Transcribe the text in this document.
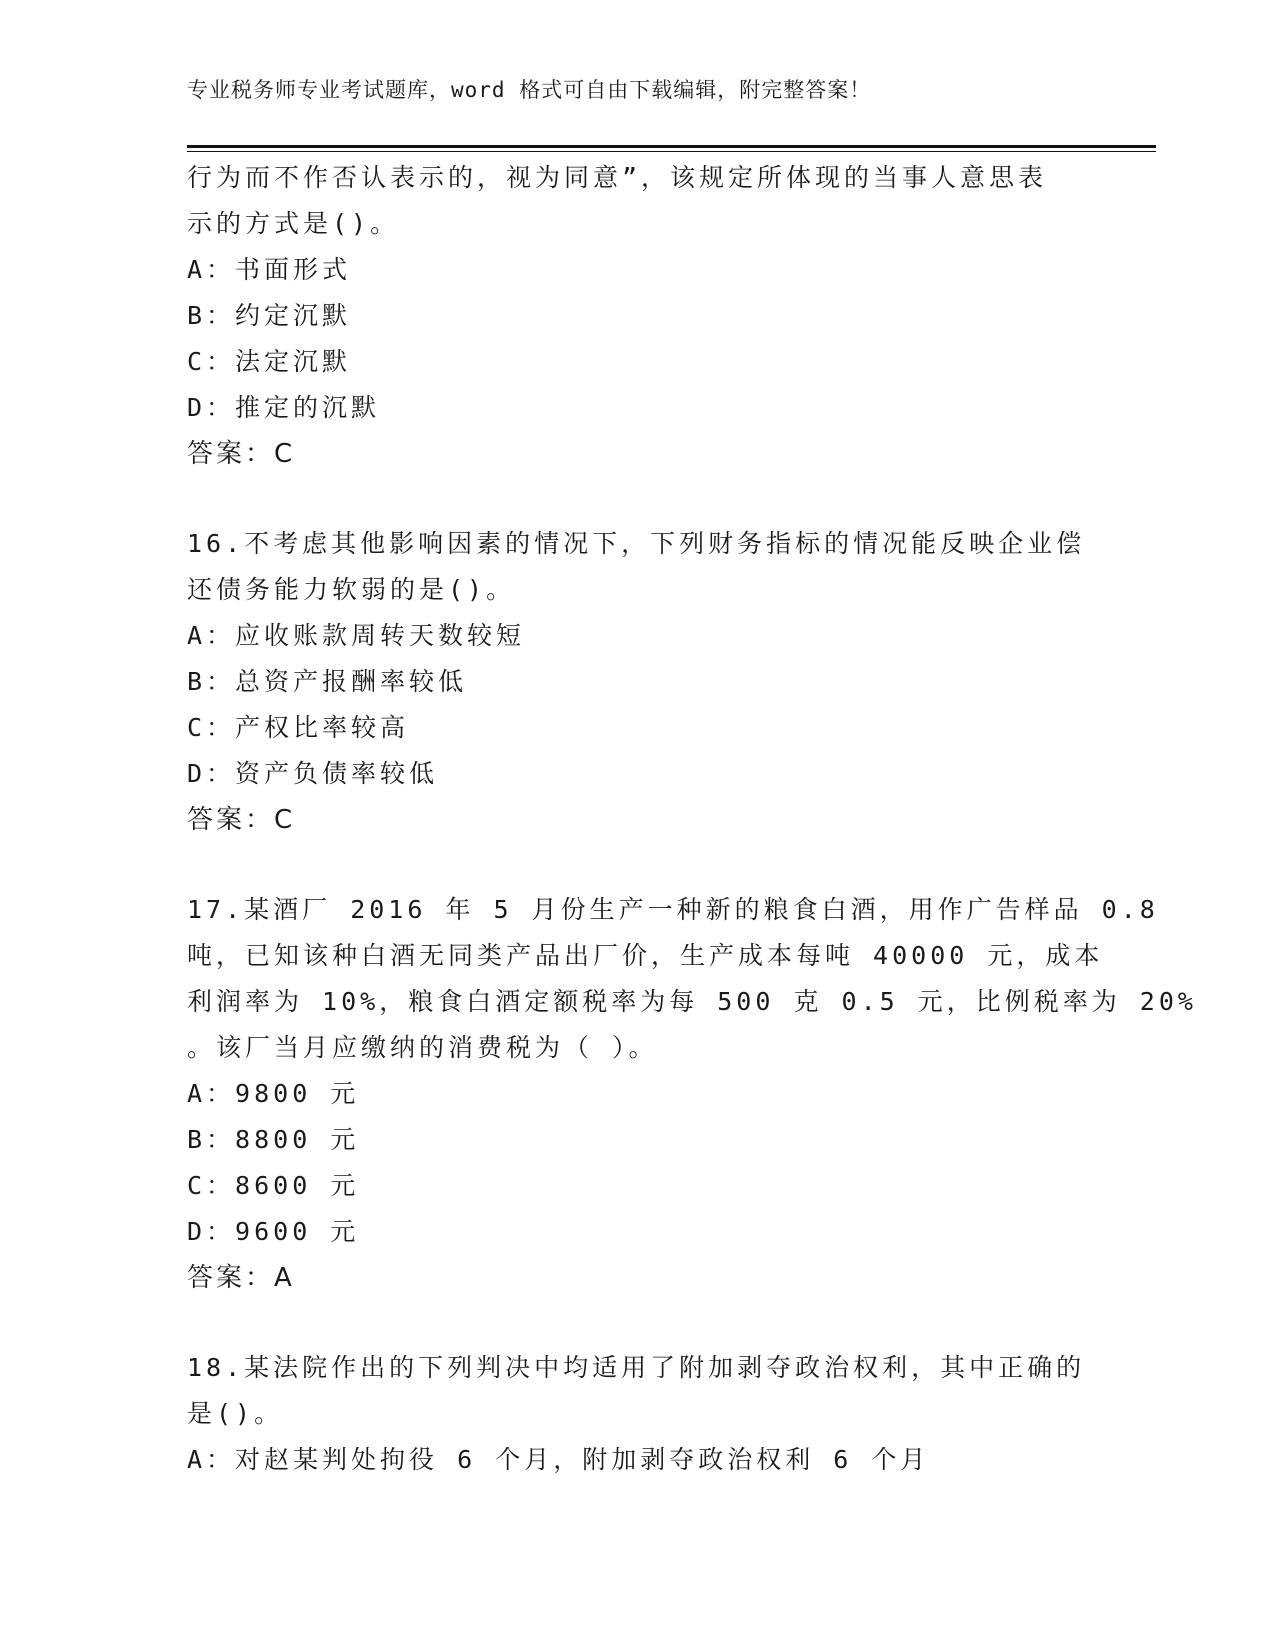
专业税务师专业考试题库，word 格式可自由下载编辑，附完整答案！
行为而不作否认表示的，视为同意”，该规定所体现的当事人意思表
示的方式是()。
A：书面形式
B：约定沉默
C：法定沉默
D：推定的沉默
答案：C
16.不考虑其他影响因素的情况下，下列财务指标的情况能反映企业偿
还债务能力软弱的是()。
A：应收账款周转天数较短
B：总资产报酬率较低
C：产权比率较高
D：资产负债率较低
答案：C
17.某酒厂 2016 年 5 月份生产一种新的粮食白酒，用作广告样品 0.8
吨，已知该种白酒无同类产品出厂价，生产成本每吨 40000 元，成本
利润率为 10%，粮食白酒定额税率为每 500 克 0.5 元，比例税率为 20%
。该厂当月应缴纳的消费税为（ ）。
A：9800 元
B：8800 元
C：8600 元
D：9600 元
答案：A
18.某法院作出的下列判决中均适用了附加剥夺政治权利，其中正确的
是()。
A：对赵某判处拘役 6 个月，附加剥夺政治权利 6 个月
